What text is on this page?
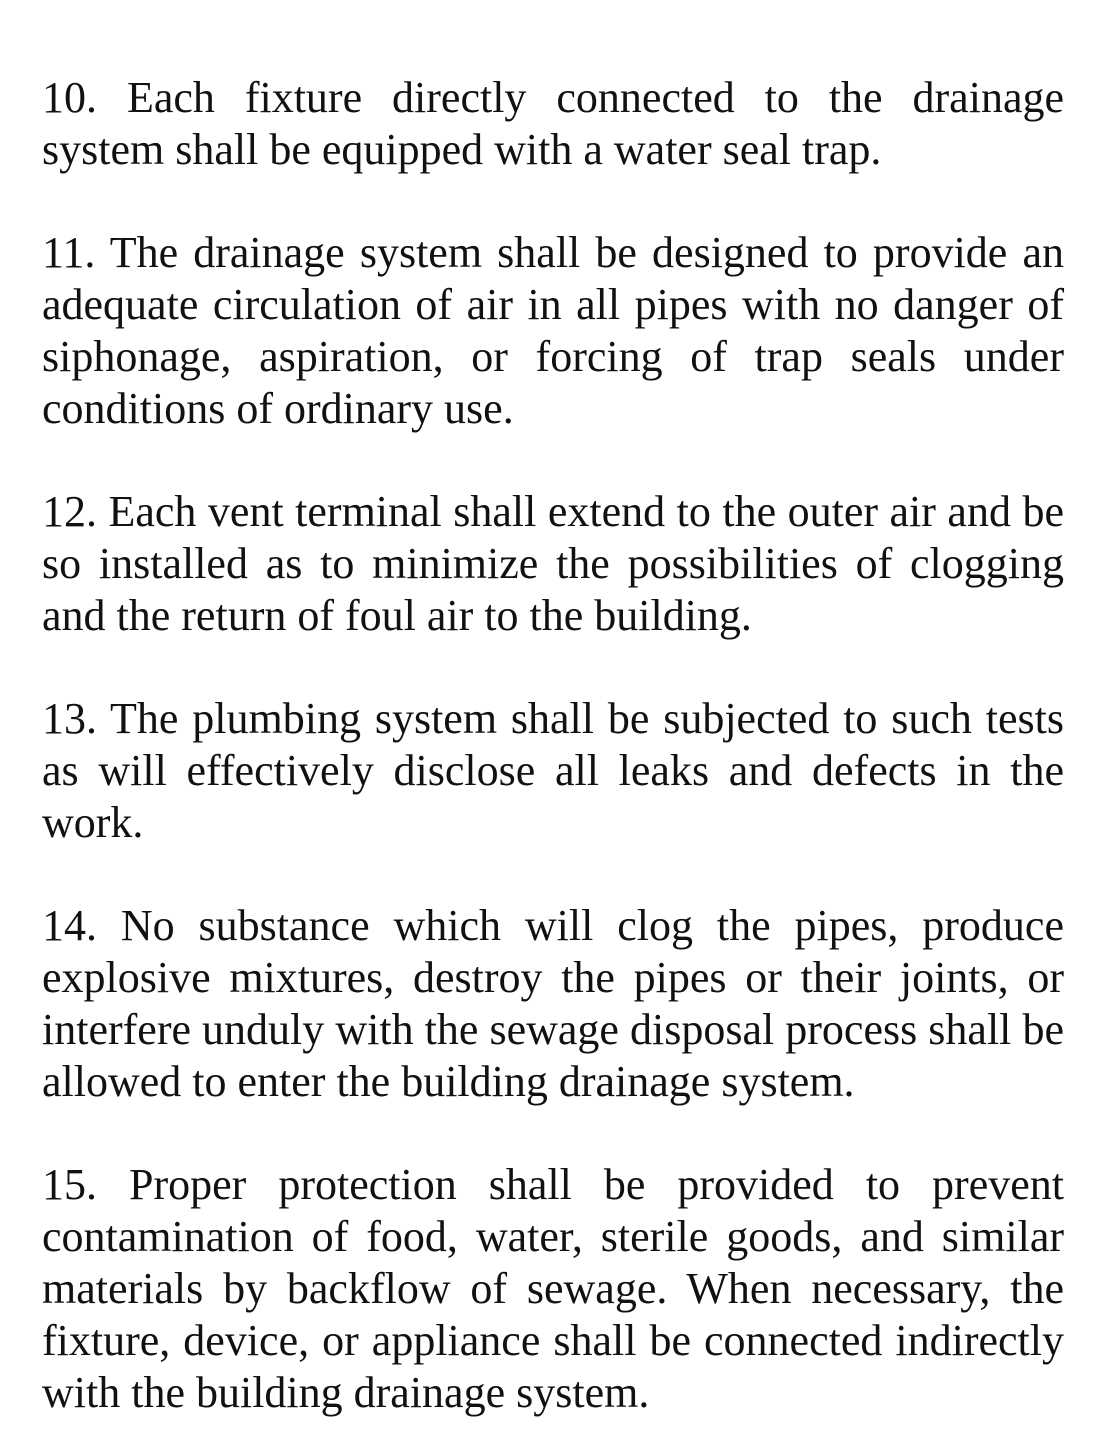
10. Each fixture directly connected to the drainage system shall be equipped with a water seal trap.

11. The drainage system shall be designed to provide an adequate circulation of air in all pipes with no danger of siphonage, aspiration, or forcing of trap seals under conditions of ordinary use.

12. Each vent terminal shall extend to the outer air and be so installed as to minimize the possibilities of clogging and the return of foul air to the building.

13. The plumbing system shall be subjected to such tests as will effectively disclose all leaks and defects in the work.

14. No substance which will clog the pipes, produce explosive mixtures, destroy the pipes or their joints, or interfere unduly with the sewage disposal process shall be allowed to enter the building drainage system.

15. Proper protection shall be provided to prevent contamination of food, water, sterile goods, and similar materials by backflow of sewage. When necessary, the fixture, device, or appliance shall be connected indirectly with the building drainage system.
